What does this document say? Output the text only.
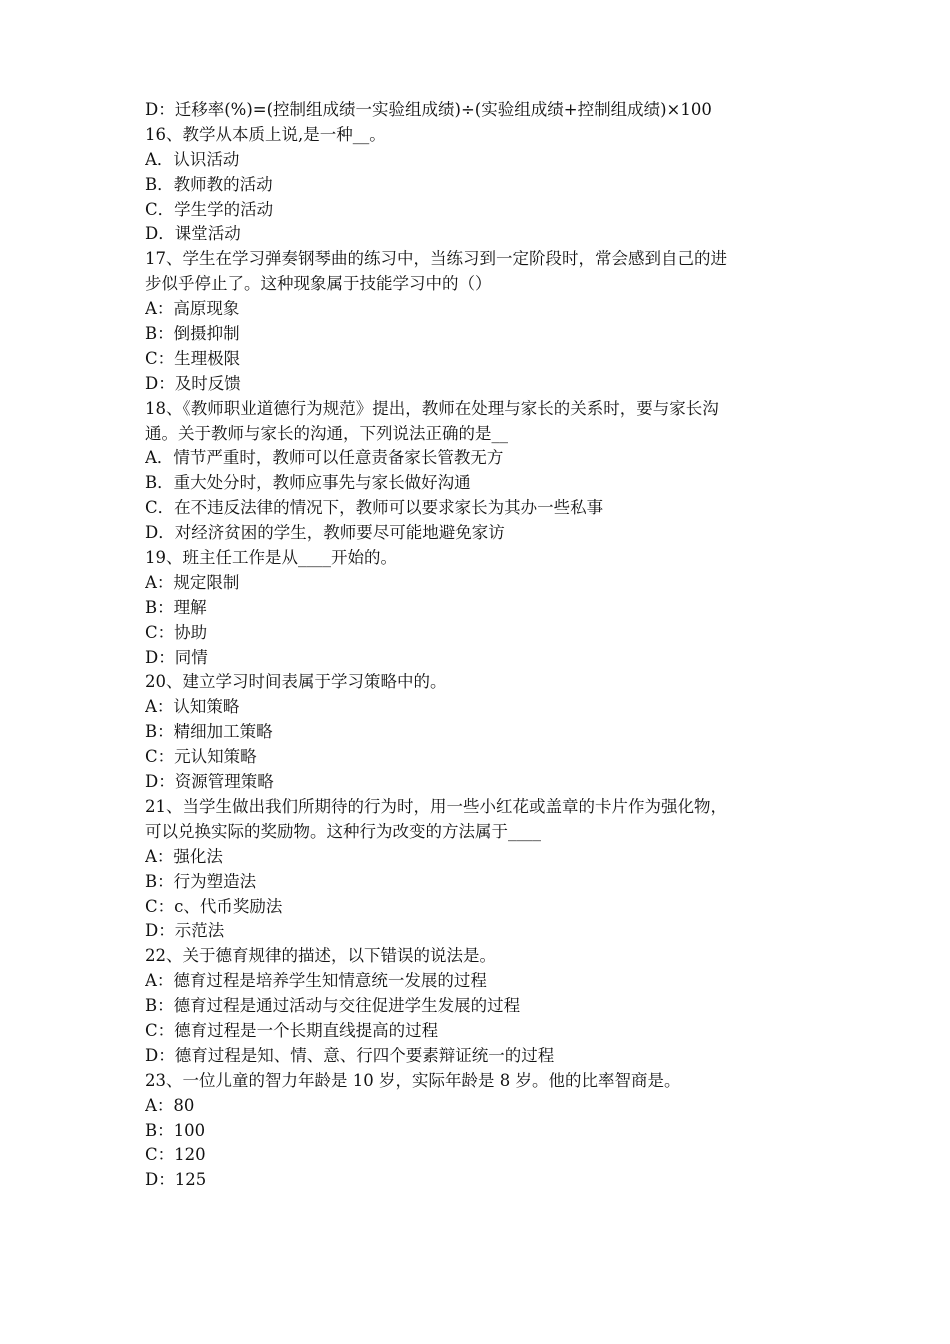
D：迁移率(%)=(控制组成绩一实验组成绩)÷(实验组成绩+控制组成绩)×100
16、教学从本质上说,是一种__。
A．认识活动
B．教师教的活动
C．学生学的活动
D．课堂活动
17、学生在学习弹奏钢琴曲的练习中，当练习到一定阶段时，常会感到自己的进
步似乎停止了。这种现象属于技能学习中的（）
A：高原现象
B：倒摄抑制
C：生理极限
D：及时反馈
18、《教师职业道德行为规范》提出，教师在处理与家长的关系时，要与家长沟
通。关于教师与家长的沟通，下列说法正确的是__
A．情节严重时，教师可以任意责备家长管教无方
B．重大处分时，教师应事先与家长做好沟通
C．在不违反法律的情况下，教师可以要求家长为其办一些私事
D．对经济贫困的学生，教师要尽可能地避免家访
19、班主任工作是从____开始的。
A：规定限制
B：理解
C：协助
D：同情
20、建立学习时间表属于学习策略中的。
A：认知策略
B：精细加工策略
C：元认知策略
D：资源管理策略
21、当学生做出我们所期待的行为时，用一些小红花或盖章的卡片作为强化物，
可以兑换实际的奖励物。这种行为改变的方法属于____
A：强化法
B：行为塑造法
C：c、代币奖励法
D：示范法
22、关于德育规律的描述，以下错误的说法是。
A：德育过程是培养学生知情意统一发展的过程
B：德育过程是通过活动与交往促进学生发展的过程
C：德育过程是一个长期直线提高的过程
D：德育过程是知、情、意、行四个要素辩证统一的过程
23、一位儿童的智力年龄是 10 岁，实际年龄是 8 岁。他的比率智商是。
A：80
B：100
C：120
D：125
